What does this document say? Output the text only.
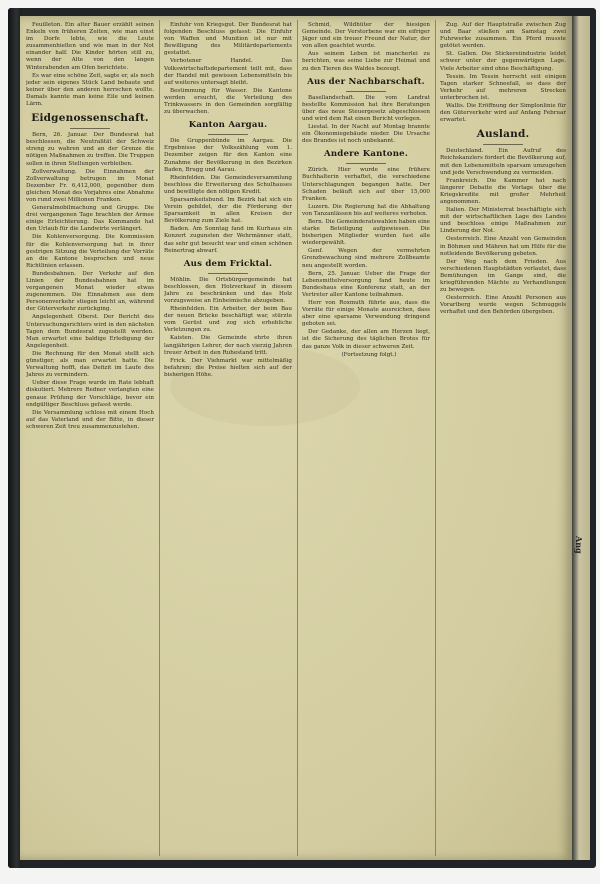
Feuilleton. Ein alter Bauer erzählt seinen Enkeln von früheren Zeiten, wie man einst im Dorfe lebte, wie die Leute zusammenhielten und wie man in der Not einander half. Die Kinder hörten still zu, wenn der Alte von den langen Winterabenden am Ofen berichtete.

Es war eine schöne Zeit, sagte er, als noch jeder sein eigenes Stück Land bebaute und keiner über den anderen herrschen wollte. Damals kannte man keine Eile und keinen Lärm.

Eidgenossenschaft.

Bern, 26. Januar. Der Bundesrat hat beschlossen, die Neutralität der Schweiz streng zu wahren und an der Grenze die nötigen Maßnahmen zu treffen. Die Truppen sollen in ihren Stellungen verbleiben.

Zollverwaltung. Die Einnahmen der Zollverwaltung betrugen im Monat Dezember Fr. 6,412,000, gegenüber dem gleichen Monat des Vorjahres eine Abnahme von rund zwei Millionen Franken.

Generalmobilmachung und Gruppe. Die drei vergangenen Tage brachten der Armee einige Erleichterung. Das Kommando hat den Urlaub für die Landwirte verlängert.

Die Kohlenversorgung. Die Kommission für die Kohlenversorgung hat in ihrer gestrigen Sitzung die Verteilung der Vorräte an die Kantone besprochen und neue Richtlinien erlassen.

Bundesbahnen. Der Verkehr auf den Linien der Bundesbahnen hat im vergangenen Monat wieder etwas zugenommen. Die Einnahmen aus dem Personenverkehr stiegen leicht an, während der Güterverkehr zurückging.

Angelegenheit Oberst. Der Bericht des Untersuchungsrichters wird in den nächsten Tagen dem Bundesrat zugestellt werden. Man erwartet eine baldige Erledigung der Angelegenheit.

Die Rechnung für den Monat stellt sich günstiger, als man erwartet hatte. Die Verwaltung hofft, das Defizit im Laufe des Jahres zu vermindern.

Ueber diese Frage wurde im Rate lebhaft diskutiert. Mehrere Redner verlangten eine genaue Prüfung der Vorschläge, bevor ein endgültiger Beschluss gefasst werde.

Die Versammlung schloss mit einem Hoch auf das Vaterland und der Bitte, in dieser schweren Zeit treu zusammenzustehen.

Einfuhr von Kriegsgut. Der Bundesrat hat folgenden Beschluss gefasst: Die Einfuhr von Waffen und Munition ist nur mit Bewilligung des Militärdepartements gestattet.

Verbotener Handel. Das Volkswirtschaftsdepartement teilt mit, dass der Handel mit gewissen Lebensmitteln bis auf weiteres untersagt bleibt.

Bestimmung für Wasser. Die Kantone werden ersucht, die Verteilung des Trinkwassers in den Gemeinden sorgfältig zu überwachen.

Kanton Aargau.

Die Gruppenbünde im Aargau. Die Ergebnisse der Volkszählung vom 1. Dezember zeigen für den Kanton eine Zunahme der Bevölkerung in den Bezirken Baden, Brugg und Aarau.

Rheinfelden. Die Gemeindeversammlung beschloss die Erweiterung des Schulhauses und bewilligte den nötigen Kredit.

Sparsamkeitsbund. Im Bezirk hat sich ein Verein gebildet, der die Förderung der Sparsamkeit in allen Kreisen der Bevölkerung zum Ziele hat.

Baden. Am Sonntag fand im Kurhaus ein Konzert zugunsten der Wehrmänner statt, das sehr gut besucht war und einen schönen Reinertrag abwarf.

Aus dem Fricktal.

Möhlin. Die Ortsbürgergemeinde hat beschlossen, den Holzverkauf in diesem Jahre zu beschränken und das Holz vorzugsweise an Einheimische abzugeben.

Rheinfelden. Ein Arbeiter, der beim Bau der neuen Brücke beschäftigt war, stürzte vom Gerüst und zog sich erhebliche Verletzungen zu.

Kaisten. Die Gemeinde ehrte ihren langjährigen Lehrer, der nach vierzig Jahren treuer Arbeit in den Ruhestand tritt.

Frick. Der Viehmarkt war mittelmäßig befahren; die Preise hielten sich auf der bisherigen Höhe.

Schmid, Wildhüter der hiesigen Gemeinde. Der Verstorbene war ein eifriger Jäger und ein treuer Freund der Natur, der von allen geachtet wurde.

Aus seinem Leben ist mancherlei zu berichten, was seine Liebe zur Heimat und zu den Tieren des Waldes bezeugt.

Aus der Nachbarschaft.

Basellandschaft. Die vom Landrat bestellte Kommission hat ihre Beratungen über das neue Steuergesetz abgeschlossen und wird dem Rat einen Bericht vorlegen.

Liestal. In der Nacht auf Montag brannte ein Ökonomiegebäude nieder. Die Ursache des Brandes ist noch unbekannt.

Andere Kantone.

Zürich. Hier wurde eine frühere Buchhalterin verhaftet, die verschiedene Unterschlagungen begangen hatte. Der Schaden beläuft sich auf über 15,000 Franken.

Luzern. Die Regierung hat die Abhaltung von Tanzanlässen bis auf weiteres verboten.

Bern. Die Gemeinderatswahlen haben eine starke Beteiligung aufgewiesen. Die bisherigen Mitglieder wurden fast alle wiedergewählt.

Genf. Wegen der vermehrten Grenzbewachung sind mehrere Zollbeamte neu angestellt worden.

Bern, 25. Januar. Ueber die Frage der Lebensmittelversorgung fand heute im Bundeshaus eine Konferenz statt, an der Vertreter aller Kantone teilnahmen.

Herr von Roxmuth führte aus, dass die Vorräte für einige Monate ausreichen, dass aber eine sparsame Verwendung dringend geboten sei.

Der Gedanke, der allen am Herzen liegt, ist die Sicherung des täglichen Brotes für das ganze Volk in dieser schweren Zeit.

(Fortsetzung folgt.)

Zug. Auf der Hauptstraße zwischen Zug und Baar stießen am Samstag zwei Fuhrwerke zusammen. Ein Pferd musste getötet werden.

St. Gallen. Die Stickereiindustrie leidet schwer unter der gegenwärtigen Lage. Viele Arbeiter sind ohne Beschäftigung.

Tessin. Im Tessin herrscht seit einigen Tagen starker Schneefall, so dass der Verkehr auf mehreren Strecken unterbrochen ist.

Wallis. Die Eröffnung der Simplonlinie für den Güterverkehr wird auf Anfang Februar erwartet.

Ausland.

Deutschland. Ein Aufruf des Reichskanzlers fordert die Bevölkerung auf, mit den Lebensmitteln sparsam umzugehen und jede Verschwendung zu vermeiden.

Frankreich. Die Kammer hat nach längerer Debatte die Vorlage über die Kriegskredite mit großer Mehrheit angenommen.

Italien. Der Ministerrat beschäftigte sich mit der wirtschaftlichen Lage des Landes und beschloss einige Maßnahmen zur Linderung der Not.

Oesterreich. Eine Anzahl von Gemeinden in Böhmen und Mähren hat um Hilfe für die notleidende Bevölkerung gebeten.

Der Weg nach dem Frieden. Aus verschiedenen Hauptstädten verlautet, dass Bemühungen im Gange sind, die kriegführenden Mächte zu Verhandlungen zu bewegen.

Oesterreich. Eine Anzahl Personen aus Vorarlberg wurde wegen Schmuggels verhaftet und den Behörden übergeben.

Ang
